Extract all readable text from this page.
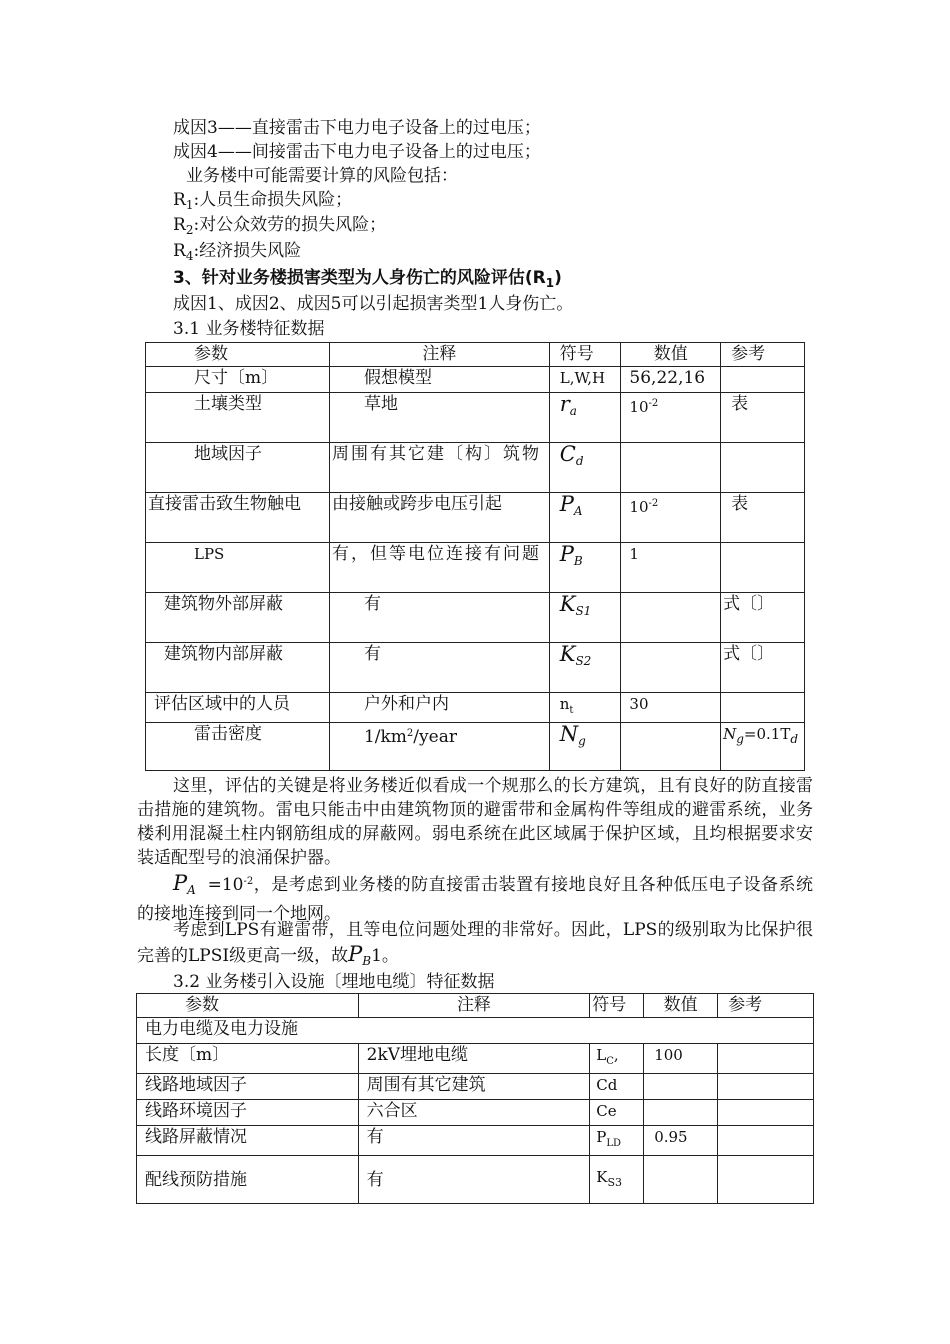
成因3——直接雷击下电力电子设备上的过电压；
成因4——间接雷击下电力电子设备上的过电压；
业务楼中可能需要计算的风险包括：
$R_1$:人员生命损失风险；
$R_2$:对公众效劳的损失风险；
$R_4$:经济损失风险
3、针对业务楼损害类型为人身伤亡的风险评估$(R_1)$
成因1、成因2、成因5可以引起损害类型1人身伤亡。
3.1 业务楼特征数据
参数	注释	符号	数值	参考
尺寸〔m〕	假想模型	L,W,H	56,22,16	
土壤类型	草地	$r_a$	$10^{-2}$	表
地域因子	周围有其它建〔构〕筑物	$C_d$		
直接雷击致生物触电	由接触或跨步电压引起	$P_A$	$10^{-2}$	表
LPS	有，但等电位连接有问题	$P_B$	1	
建筑物外部屏蔽	有	$K_{S1}$		式〔〕
建筑物内部屏蔽	有	$K_{S2}$		式〔〕
评估区域中的人员	户外和户内	$n_t$	30	
雷击密度	$1/km^2$/year	$N_g$		$N_g=0.1T_d$
这里，评估的关键是将业务楼近似看成一个规那么的长方建筑，且有良好的防直接雷击措施的建筑物。雷电只能击中由建筑物顶的避雷带和金属构件等组成的避雷系统，业务楼利用混凝土柱内钢筋组成的屏蔽网。弱电系统在此区域属于保护区域，且均根据要求安装适配型号的浪涌保护器。
$P_A =10^{-2}$，是考虑到业务楼的防直接雷击装置有接地良好且各种低压电子设备系统的接地连接到同一个地网。
考虑到LPS有避雷带，且等电位问题处理的非常好。因此，LPS的级别取为比保护很完善的LPSI级更高一级，故$P_B1$。
3.2 业务楼引入设施〔埋地电缆〕特征数据
参数	注释	符号	数值	参考
电力电缆及电力设施				
长度〔m〕	2kV埋地电缆	$L_C$,	100	
线路地域因子	周围有其它建筑	Cd		
线路环境因子	六合区	Ce		
线路屏蔽情况	有	$P_{LD}$	0.95	
配线预防措施	有	$K_{S3}$		
